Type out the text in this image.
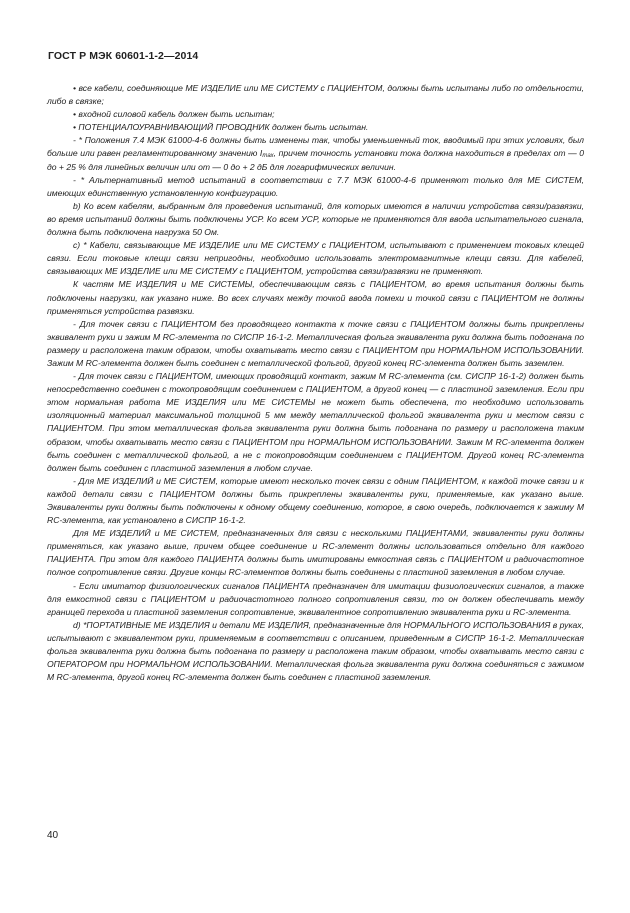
ГОСТ Р МЭК 60601-1-2—2014

• все кабели, соединяющие МЕ ИЗДЕЛИЕ или МЕ СИСТЕМУ с ПАЦИЕНТОМ, должны быть испытаны либо по отдельности, либо в связке;

• входной силовой кабель должен быть испытан;

• ПОТЕНЦИАЛОУРАВНИВАЮЩИЙ ПРОВОДНИК должен быть испытан.

- * Положения 7.4 МЭК 61000-4-6 должны быть изменены так, чтобы уменьшенный ток, вводимый при этих условиях, был больше или равен регламентированному значению $I_{max}$, причем точность установки тока должна находиться в пределах от — 0 до + 25 % для линейных величин или от — 0 до + 2 дБ для логарифмических величин.

- * Альтернативный метод испытаний в соответствии с 7.7 МЭК 61000-4-6 применяют только для МЕ СИСТЕМ, имеющих единственную установленную конфигурацию.

b) Ко всем кабелям, выбранным для проведения испытаний, для которых имеются в наличии устройства связи/развязки, во время испытаний должны быть подключены УСР. Ко всем УСР, которые не применяются для ввода испытательного сигнала, должна быть подключена нагрузка 50 Ом.

c) * Кабели, связывающие МЕ ИЗДЕЛИЕ или МЕ СИСТЕМУ с ПАЦИЕНТОМ, испытывают с применением токовых клещей связи. Если токовые клещи связи непригодны, необходимо использовать электромагнитные клещи связи. Для кабелей, связывающих МЕ ИЗДЕЛИЕ или МЕ СИСТЕМУ с ПАЦИЕНТОМ, устройства связи/развязки не применяют.

К частям МЕ ИЗДЕЛИЯ и МЕ СИСТЕМЫ, обеспечивающим связь с ПАЦИЕНТОМ, во время испытания должны быть подключены нагрузки, как указано ниже. Во всех случаях между точкой ввода помехи и точкой связи с ПАЦИЕНТОМ не должны применяться устройства развязки.

- Для точек связи с ПАЦИЕНТОМ без проводящего контакта к точке связи с ПАЦИЕНТОМ должны быть прикреплены эквивалент руки и зажим М RC-элемента по СИСПР 16-1-2. Металлическая фольга эквивалента руки должна быть подогнана по размеру и расположена таким образом, чтобы охватывать место связи с ПАЦИЕНТОМ при НОРМАЛЬНОМ ИСПОЛЬЗОВАНИИ. Зажим М RC-элемента должен быть соединен с металлической фольгой, другой конец RC-элемента должен быть заземлен.

- Для точек связи с ПАЦИЕНТОМ, имеющих проводящий контакт, зажим М RC-элемента (см. СИСПР 16-1-2) должен быть непосредственно соединен с токопроводящим соединением с ПАЦИЕНТОМ, а другой конец — с пластиной заземления. Если при этом нормальная работа МЕ ИЗДЕЛИЯ или МЕ СИСТЕМЫ не может быть обеспечена, то необходимо использовать изоляционный материал максимальной толщиной 5 мм между металлической фольгой эквивалента руки и местом связи с ПАЦИЕНТОМ. При этом металлическая фольга эквивалента руки должна быть подогнана по размеру и расположена таким образом, чтобы охватывать место связи с ПАЦИЕНТОМ при НОРМАЛЬНОМ ИСПОЛЬЗОВАНИИ. Зажим М RC-элемента должен быть соединен с металлической фольгой, а не с токопроводящим соединением с ПАЦИЕНТОМ. Другой конец RC-элемента должен быть соединен с пластиной заземления в любом случае.

- Для МЕ ИЗДЕЛИЙ и МЕ СИСТЕМ, которые имеют несколько точек связи с одним ПАЦИЕНТОМ, к каждой точке связи и к каждой детали связи с ПАЦИЕНТОМ должны быть прикреплены эквиваленты руки, применяемые, как указано выше. Эквиваленты руки должны быть подключены к одному общему соединению, которое, в свою очередь, подключается к зажиму М RC-элемента, как установлено в СИСПР 16-1-2.

Для МЕ ИЗДЕЛИЙ и МЕ СИСТЕМ, предназначенных для связи с несколькими ПАЦИЕНТАМИ, эквиваленты руки должны применяться, как указано выше, причем общее соединение и RC-элемент должны использоваться отдельно для каждого ПАЦИЕНТА. При этом для каждого ПАЦИЕНТА должны быть имитированы емкостная связь с ПАЦИЕНТОМ и радиочастотное полное сопротивление связи. Другие концы RC-элементов должны быть соединены с пластиной заземления в любом случае.

- Если имитатор физиологических сигналов ПАЦИЕНТА предназначен для имитации физиологических сигналов, а также для емкостной связи с ПАЦИЕНТОМ и радиочастотного полного сопротивления связи, то он должен обеспечивать между границей перехода и пластиной заземления сопротивление, эквивалентное сопротивлению эквивалента руки и RC-элемента.

d) *ПОРТАТИВНЫЕ МЕ ИЗДЕЛИЯ и детали МЕ ИЗДЕЛИЯ, предназначенные для НОРМАЛЬНОГО ИСПОЛЬЗОВАНИЯ в руках, испытывают с эквивалентом руки, применяемым в соответствии с описанием, приведенным в СИСПР 16-1-2. Металлическая фольга эквивалента руки должна быть подогнана по размеру и расположена таким образом, чтобы охватывать место связи с ОПЕРАТОРОМ при НОРМАЛЬНОМ ИСПОЛЬЗОВАНИИ. Металлическая фольга эквивалента руки должна соединяться с зажимом М RC-элемента, другой конец RC-элемента должен быть соединен с пластиной заземления.

40
